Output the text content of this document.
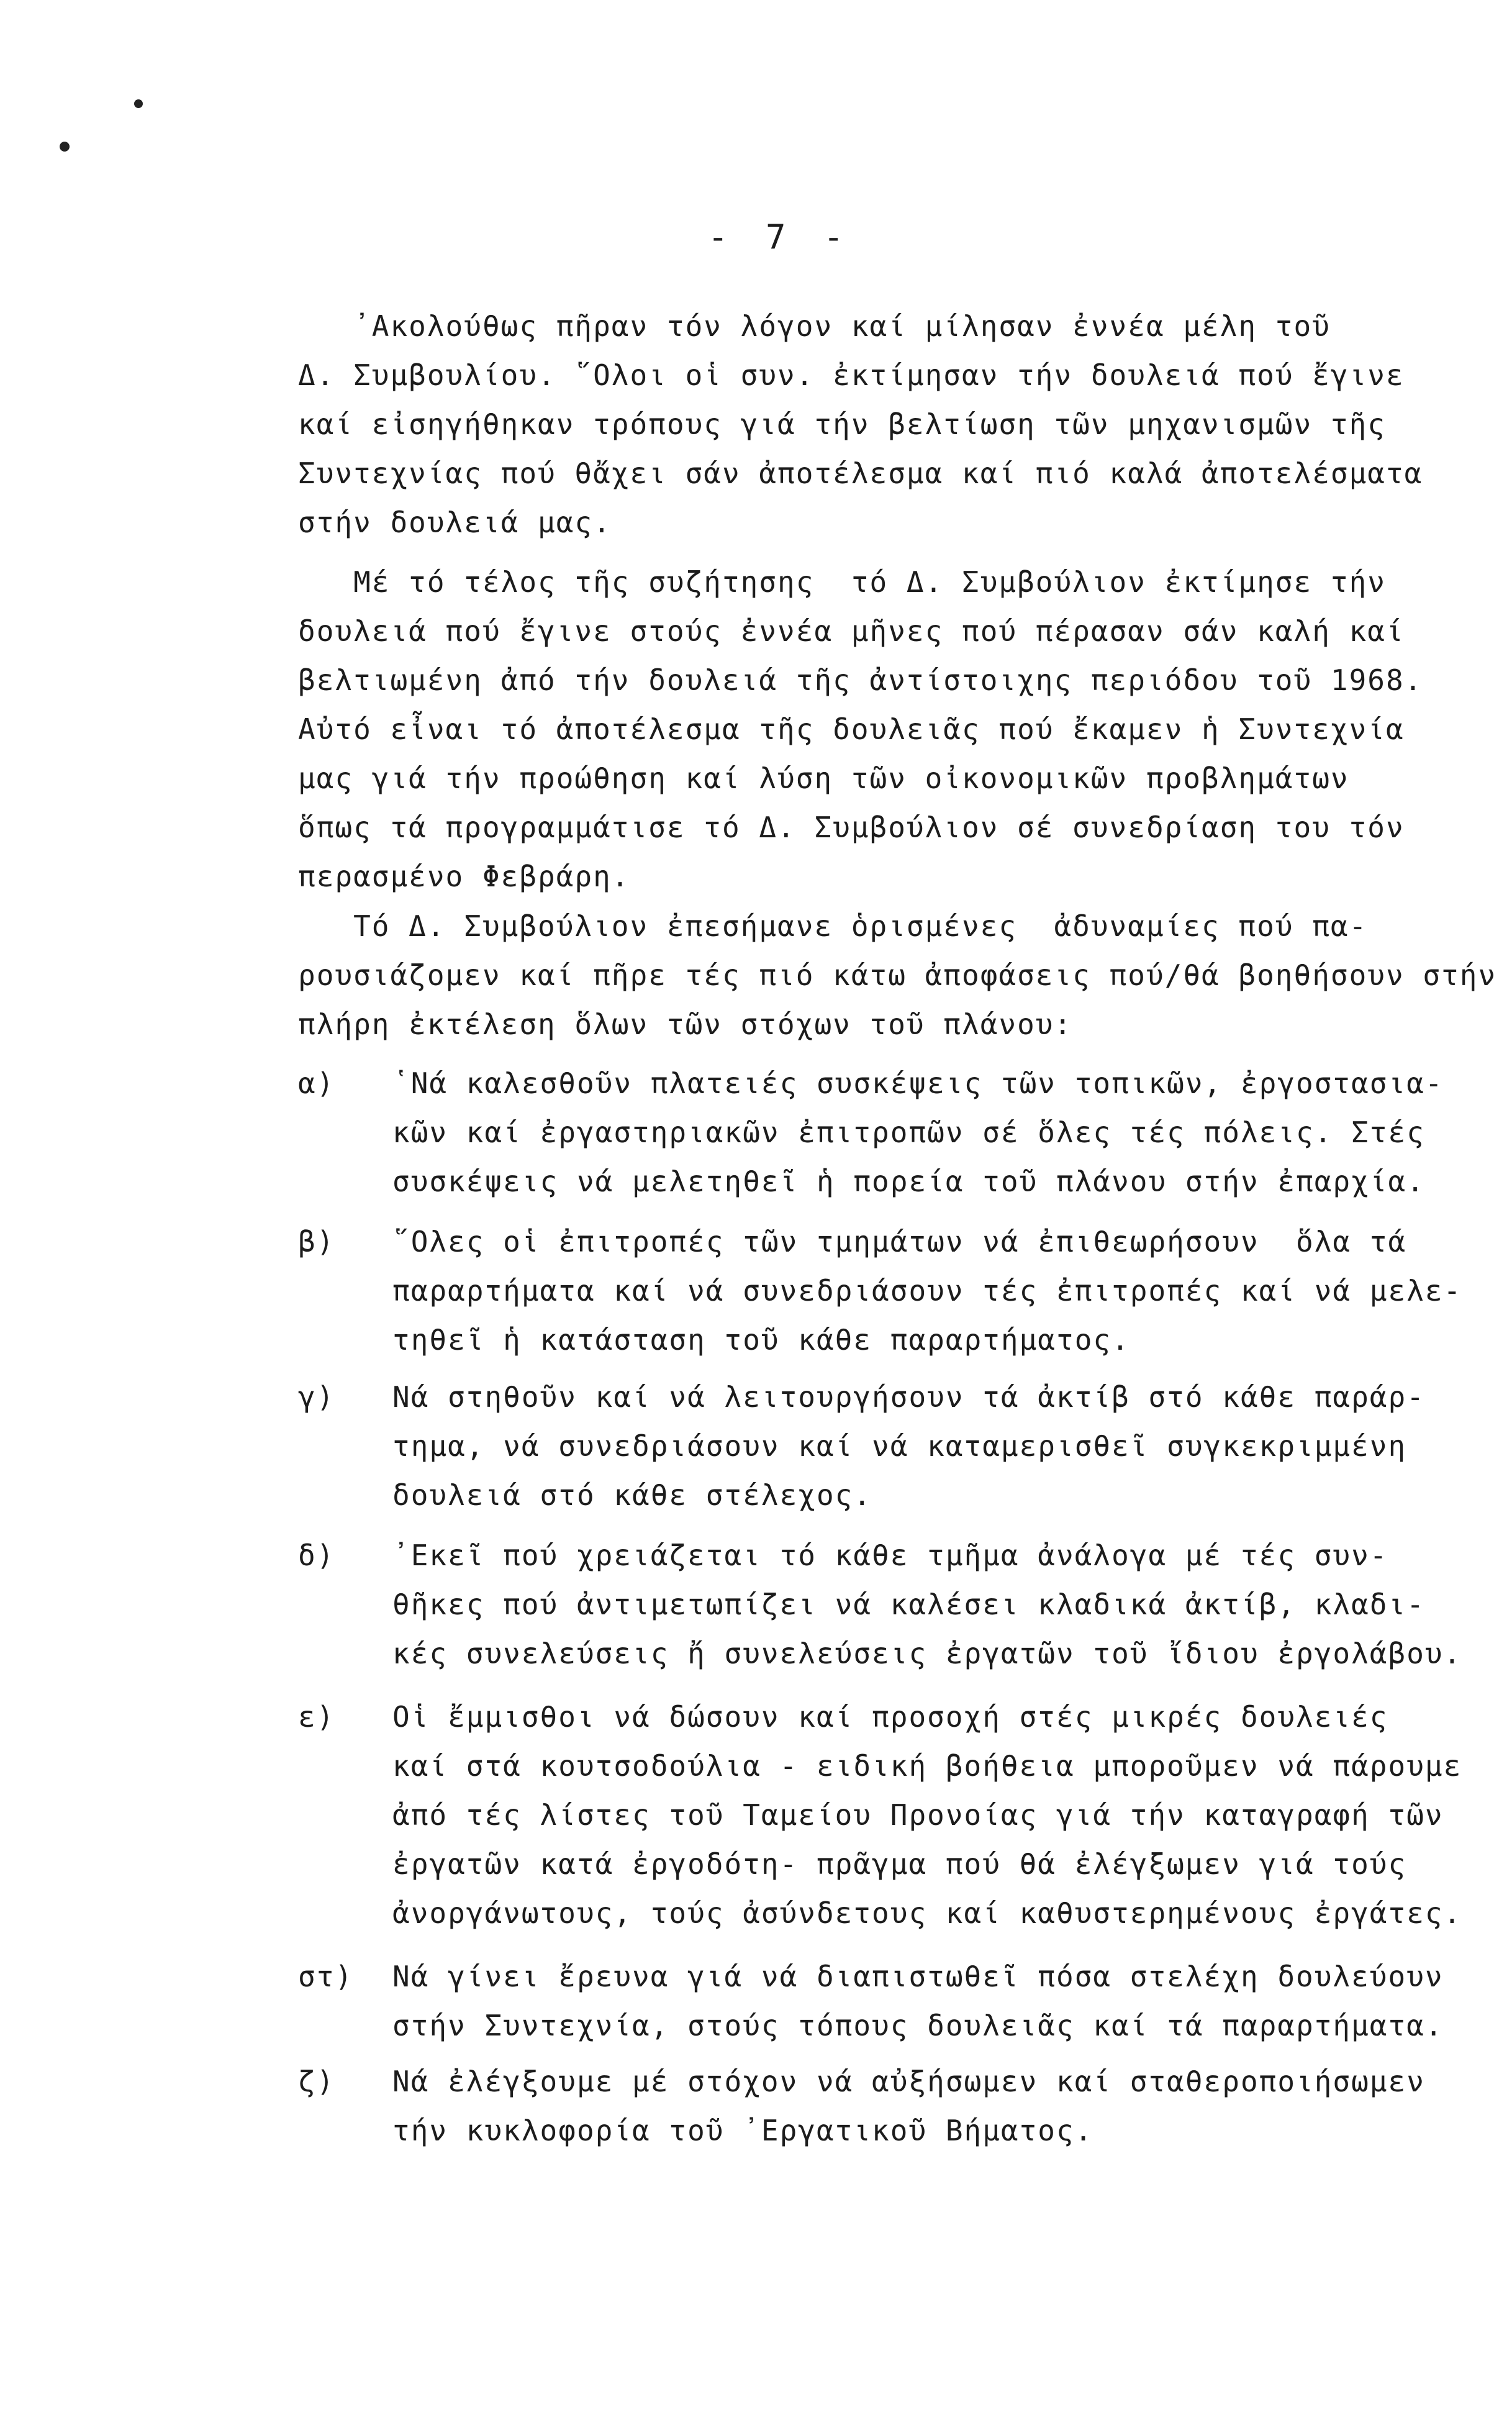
- 7 -
᾽Ακολούθως πῆραν τόν λόγον καί μίλησαν ἐννέα μέλη τοῦ
Δ. Συμβουλίου. ῞Ολοι οἱ συν. ἐκτίμησαν τήν δουλειά πού ἔγινε
καί εἰσηγήθηκαν τρόπους γιά τήν βελτίωση τῶν μηχανισμῶν τῆς
Συντεχνίας πού θἄχει σάν ἀποτέλεσμα καί πιό καλά ἀποτελέσματα
στήν δουλειά μας.
Μέ τό τέλος τῆς συζήτησης  τό Δ. Συμβούλιον ἐκτίμησε τήν
δουλειά πού ἔγινε στούς ἐννέα μῆνες πού πέρασαν σάν καλή καί
βελτιωμένη ἀπό τήν δουλειά τῆς ἀντίστοιχης περιόδου τοῦ 1968.
Αὐτό εἶναι τό ἀποτέλεσμα τῆς δουλειᾶς πού ἔκαμεν ἡ Συντεχνία
μας γιά τήν προώθηση καί λύση τῶν οἰκονομικῶν προβλημάτων
ὅπως τά προγραμμάτισε τό Δ. Συμβούλιον σέ συνεδρίαση του τόν
περασμένο Φεβράρη.
Τό Δ. Συμβούλιον ἐπεσήμανε ὁρισμένες  ἀδυναμίες πού πα-
ρουσιάζομεν καί πῆρε τές πιό κάτω ἀποφάσεις πού/θά βοηθήσουν στήν
πλήρη ἐκτέλεση ὅλων τῶν στόχων τοῦ πλάνου:
α) ῾Νά καλεσθοῦν πλατειές συσκέψεις τῶν τοπικῶν, ἐργοστασια-
κῶν καί ἐργαστηριακῶν ἐπιτροπῶν σέ ὅλες τές πόλεις. Στές
συσκέψεις νά μελετηθεῖ ἡ πορεία τοῦ πλάνου στήν ἐπαρχία.
β) ῞Ολες οἱ ἐπιτροπές τῶν τμημάτων νά ἐπιθεωρήσουν  ὅλα τά
παραρτήματα καί νά συνεδριάσουν τές ἐπιτροπές καί νά μελε-
τηθεῖ ἡ κατάσταση τοῦ κάθε παραρτήματος.
γ) Νά στηθοῦν καί νά λειτουργήσουν τά ἀκτίβ στό κάθε παράρ-
τημα, νά συνεδριάσουν καί νά καταμερισθεῖ συγκεκριμμένη
δουλειά στό κάθε στέλεχος.
δ) ᾽Εκεῖ πού χρειάζεται τό κάθε τμῆμα ἀνάλογα μέ τές συν-
θῆκες πού ἀντιμετωπίζει νά καλέσει κλαδικά ἀκτίβ, κλαδι-
κές συνελεύσεις ἤ συνελεύσεις ἐργατῶν τοῦ ἴδιου ἐργολάβου.
ε) Οἱ ἔμμισθοι νά δώσουν καί προσοχή στές μικρές δουλειές
καί στά κουτσοδούλια - ειδική βοήθεια μποροῦμεν νά πάρουμε
ἀπό τές λίστες τοῦ Ταμείου Προνοίας γιά τήν καταγραφή τῶν
ἐργατῶν κατά ἐργοδότη- πρᾶγμα πού θά ἐλέγξωμεν γιά τούς
ἀνοργάνωτους, τούς ἀσύνδετους καί καθυστερημένους ἐργάτες.
στ) Νά γίνει ἔρευνα γιά νά διαπιστωθεῖ πόσα στελέχη δουλεύουν
στήν Συντεχνία, στούς τόπους δουλειᾶς καί τά παραρτήματα.
ζ) Νά ἐλέγξουμε μέ στόχον νά αὐξήσωμεν καί σταθεροποιήσωμεν
τήν κυκλοφορία τοῦ ᾽Εργατικοῦ Βήματος.
